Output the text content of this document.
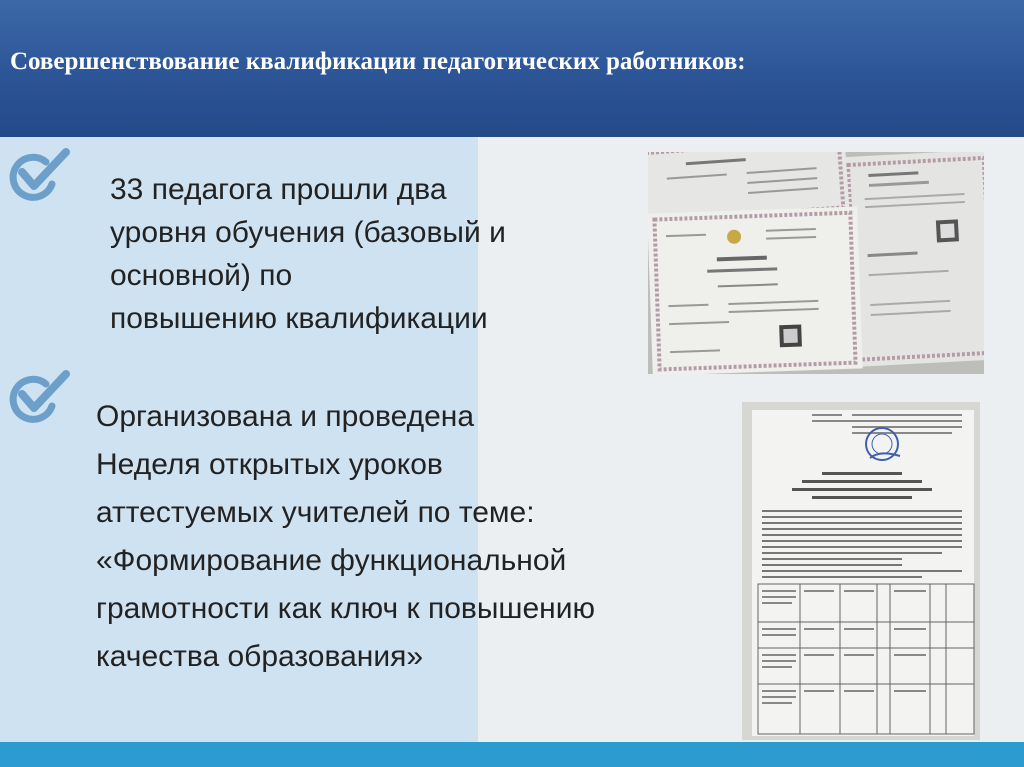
Совершенствование квалификации педагогических работников:
33 педагога прошли два
уровня обучения (базовый и
основной) по
повышению квалификации
Организована и проведена
Неделя открытых уроков
аттестуемых учителей по теме:
«Формирование функциональной
грамотности как ключ к повышению
качества образования»
